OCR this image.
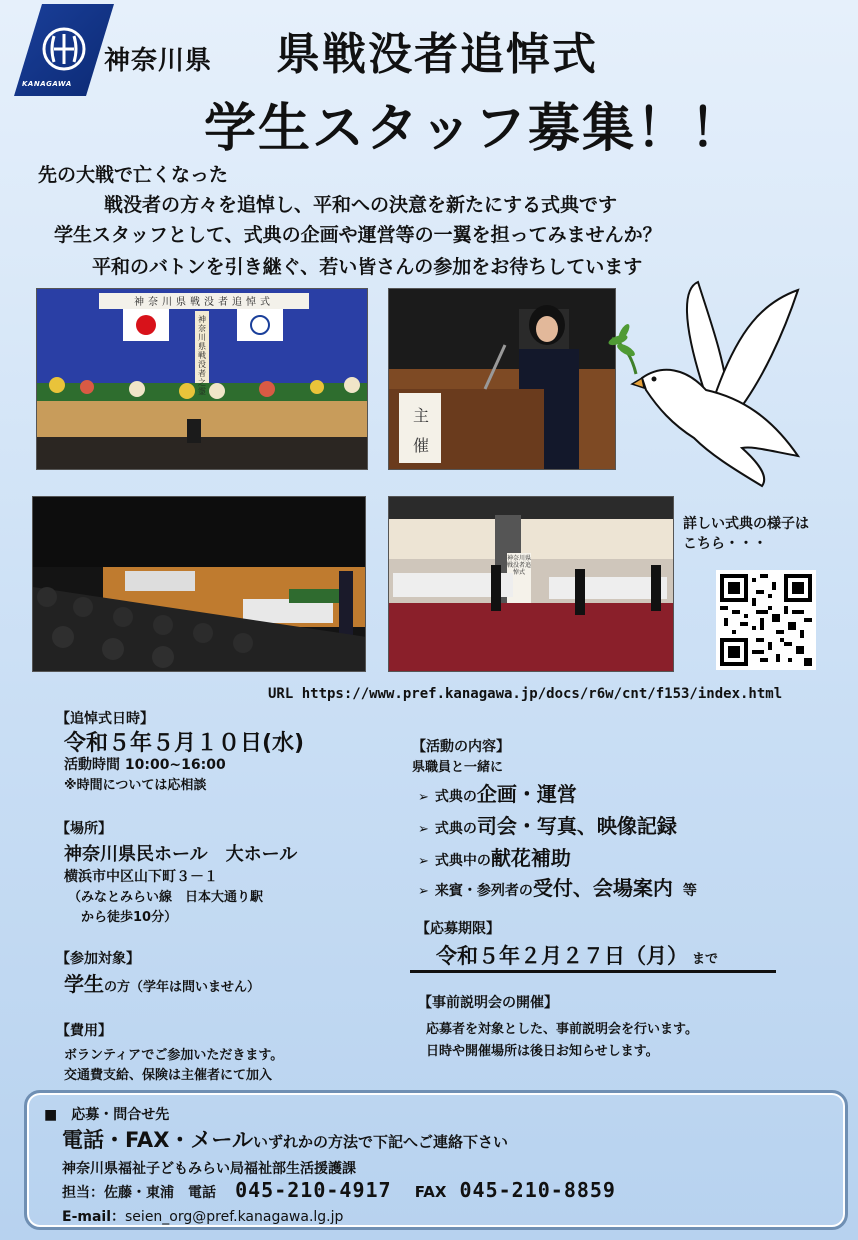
KANAGAWA
神奈川県 県戦没者追悼式
学生スタッフ募集！！
先の大戦で亡くなった
戦没者の方々を追悼し、平和への決意を新たにする式典です
学生スタッフとして、式典の企画や運営等の一翼を担ってみませんか？
平和のバトンを引き継ぐ、若い皆さんの参加をお待ちしています
神奈川県戦没者追悼式
神奈川県戦没者之霊
主催
神奈川県戦没者追悼式
詳しい式典の様子は
こちら・・・
URL https://www.pref.kanagawa.jp/docs/r6w/cnt/f153/index.html
【追悼式日時】
令和５年５月１０日(水)
活動時間 10:00~16:00
※時間については応相談
【場所】
神奈川県民ホール　大ホール
横浜市中区山下町３－１
（みなとみらい線　日本大通り駅
　から徒歩10分）
【参加対象】
学生の方（学年は問いません）
【費用】
ボランティアでご参加いただきます。
交通費支給、保険は主催者にて加入
【活動の内容】
県職員と一緒に
➢ 式典の企画・運営
➢ 式典の司会・写真、映像記録
➢ 式典中の献花補助
➢ 来賓・参列者の受付、会場案内 等
【応募期限】
令和５年２月２７日（月） まで
【事前説明会の開催】
応募者を対象とした、事前説明会を行います。
日時や開催場所は後日お知らせします。
■　応募・問合せ先
電話・FAX・メールいずれかの方法で下記へご連絡下さい
神奈川県福祉子どもみらい局福祉部生活援護課
担当：佐藤・東浦　電話 045-210-4917 FAX 045-210-8859
E-mail：seien_org@pref.kanagawa.lg.jp
